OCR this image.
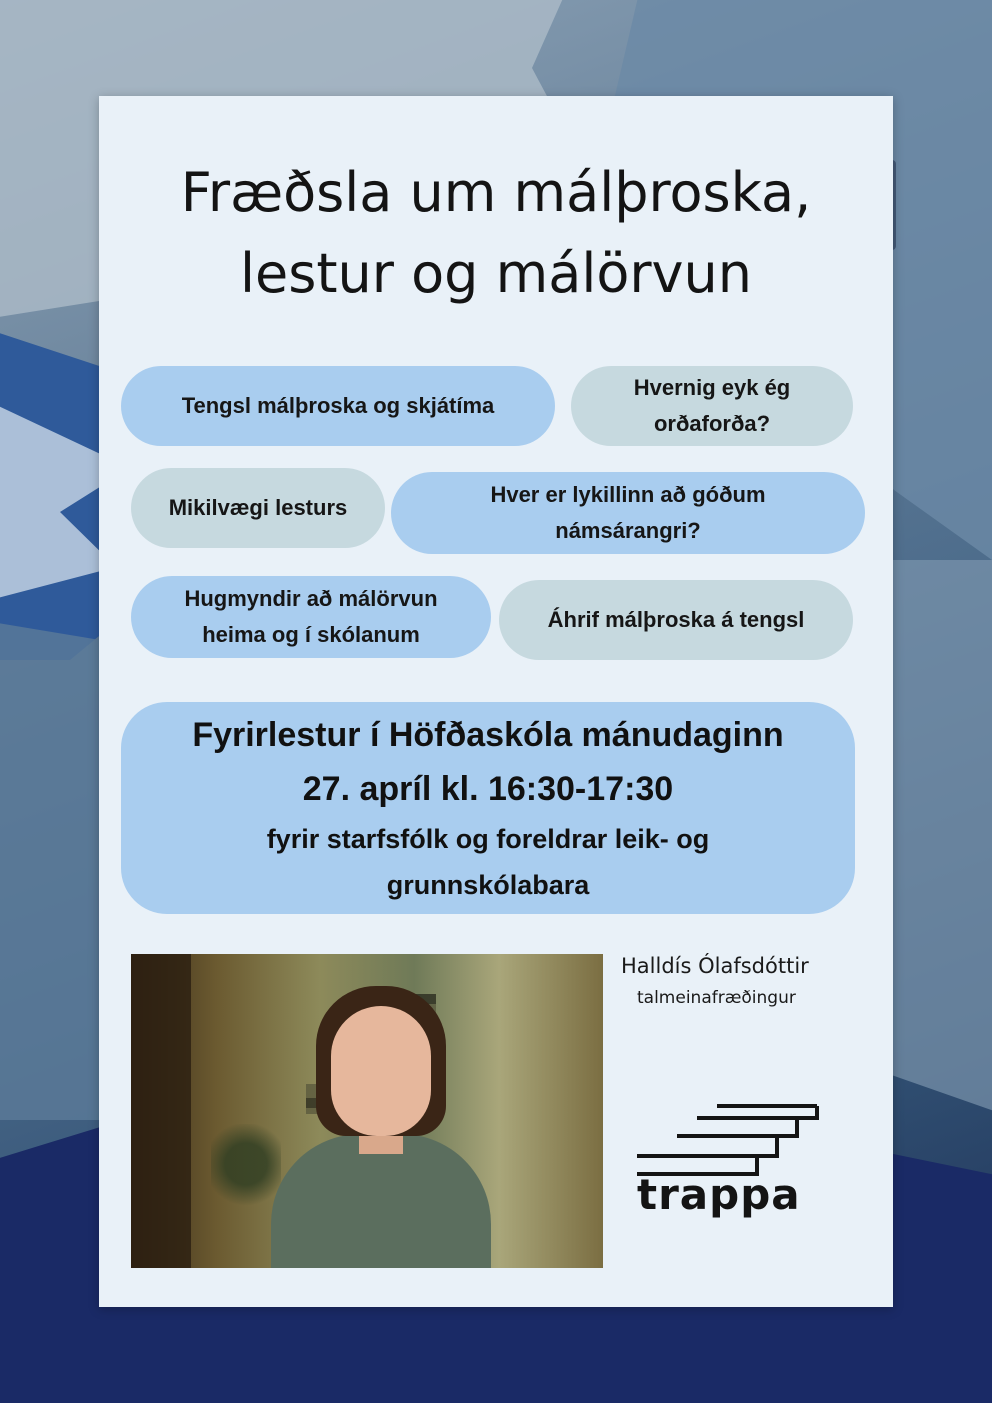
Fræðsla um málþroska,
lestur og málörvun
Tengsl málþroska og skjátíma
Hvernig eyk ég orðaforða?
Mikilvægi lesturs
Hver er lykillinn að góðum námsárangri?
Hugmyndir að málörvun heima og í skólanum
Áhrif málþroska á tengsl
Fyrirlestur í Höfðaskóla mánudaginn
27. apríl kl. 16:30-17:30
fyrir starfsfólk og foreldrar leik- og
grunnskólabara

Halldís Ólafsdóttir

talmeinafræðingur

trappa
